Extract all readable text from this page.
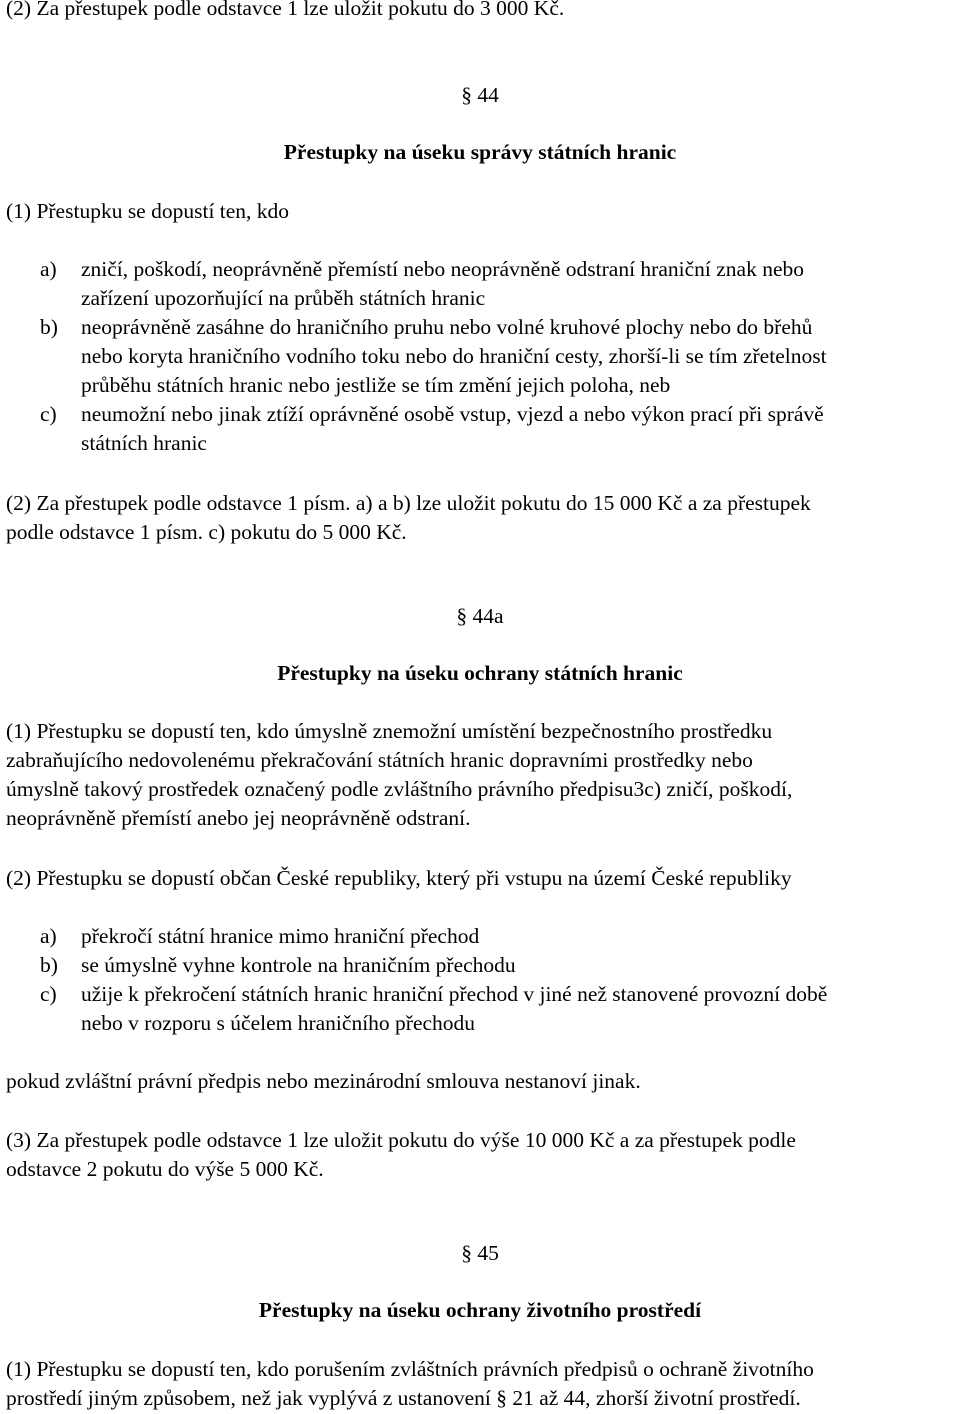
(2) Za přestupek podle odstavce 1 lze uložit pokutu do 3 000 Kč.
§ 44
Přestupky na úseku správy státních hranic
(1) Přestupku se dopustí ten, kdo
a) zničí, poškodí, neoprávněně přemístí nebo neoprávněně odstraní hraniční znak nebo
zařízení upozorňující na průběh státních hranic
b) neoprávněně zasáhne do hraničního pruhu nebo volné kruhové plochy nebo do břehů
nebo koryta hraničního vodního toku nebo do hraniční cesty, zhorší-li se tím zřetelnost
průběhu státních hranic nebo jestliže se tím změní jejich poloha, neb
c) neumožní nebo jinak ztíží oprávněné osobě vstup, vjezd a nebo výkon prací při správě
státních hranic
(2) Za přestupek podle odstavce 1 písm. a) a b) lze uložit pokutu do 15 000 Kč a za přestupek
podle odstavce 1 písm. c) pokutu do 5 000 Kč.
§ 44a
Přestupky na úseku ochrany státních hranic
(1) Přestupku se dopustí ten, kdo úmyslně znemožní umístění bezpečnostního prostředku
zabraňujícího nedovolenému překračování státních hranic dopravními prostředky nebo
úmyslně takový prostředek označený podle zvláštního právního předpisu3c) zničí, poškodí,
neoprávněně přemístí anebo jej neoprávněně odstraní.
(2) Přestupku se dopustí občan České republiky, který při vstupu na území České republiky
a) překročí státní hranice mimo hraniční přechod
b) se úmyslně vyhne kontrole na hraničním přechodu
c) užije k překročení státních hranic hraniční přechod v jiné než stanovené provozní době
nebo v rozporu s účelem hraničního přechodu
pokud zvláštní právní předpis nebo mezinárodní smlouva nestanoví jinak.
(3) Za přestupek podle odstavce 1 lze uložit pokutu do výše 10 000 Kč a za přestupek podle
odstavce 2 pokutu do výše 5 000 Kč.
§ 45
Přestupky na úseku ochrany životního prostředí
(1) Přestupku se dopustí ten, kdo porušením zvláštních právních předpisů o ochraně životního
prostředí jiným způsobem, než jak vyplývá z ustanovení § 21 až 44, zhorší životní prostředí.
